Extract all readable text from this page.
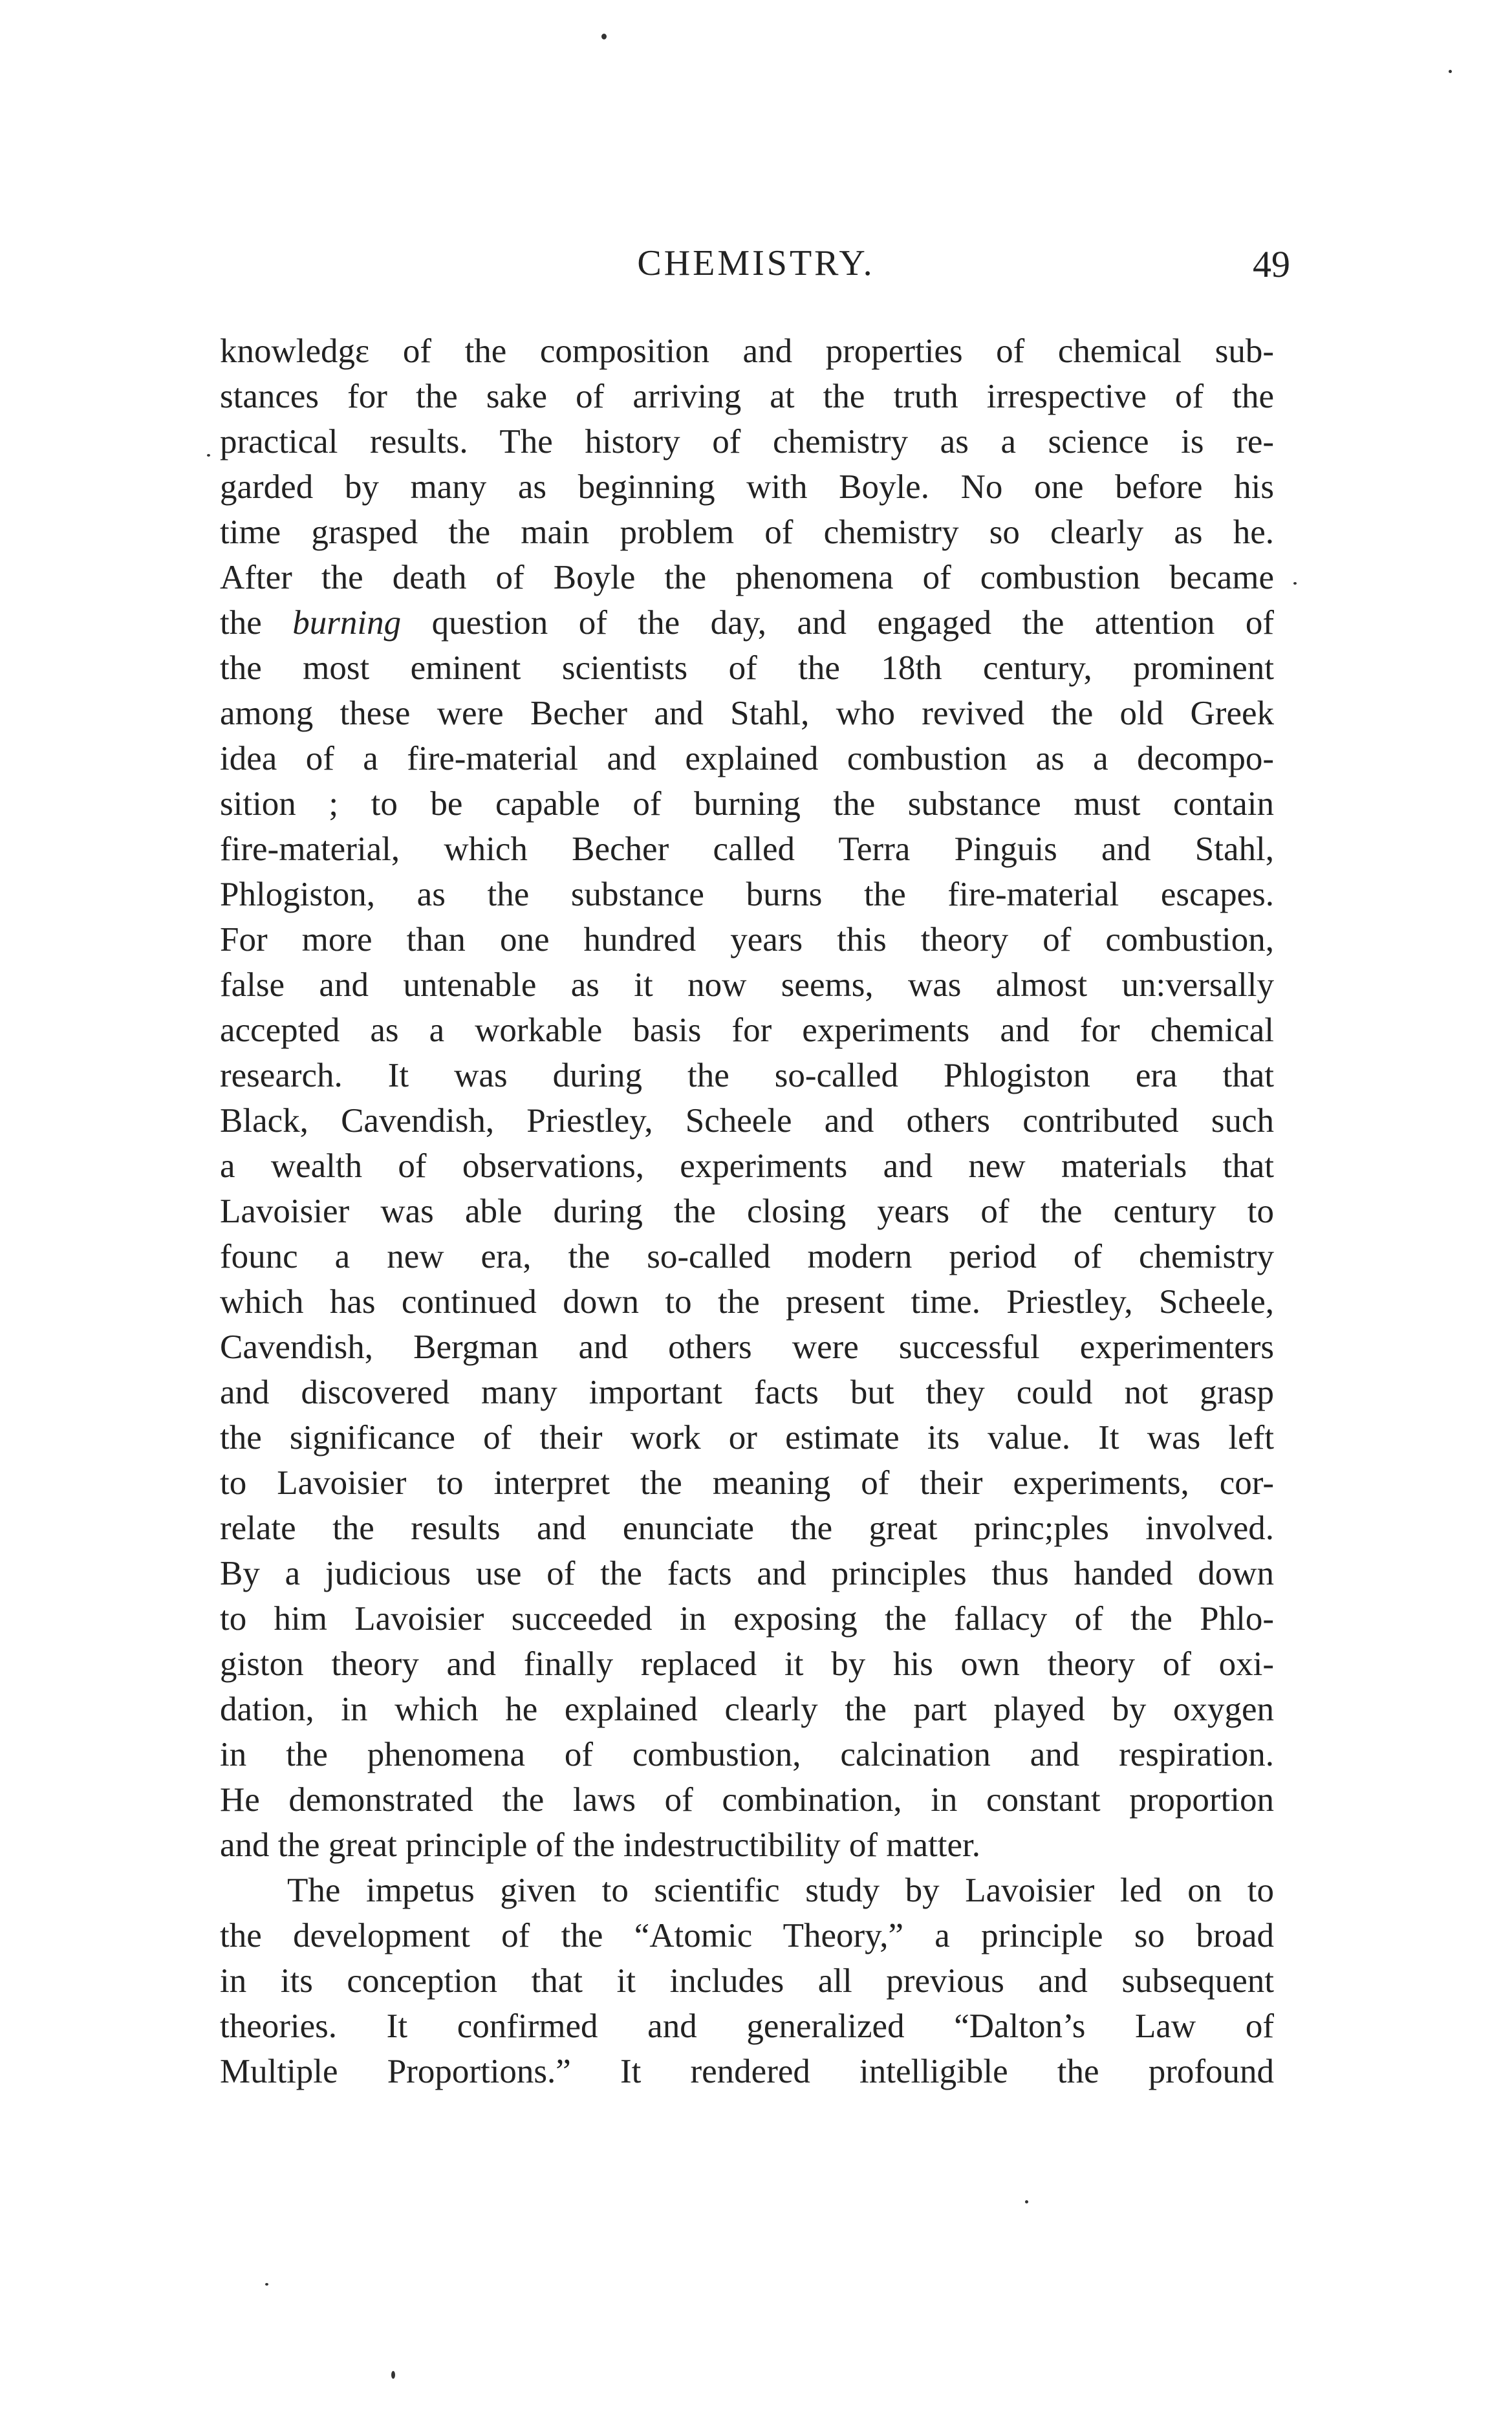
CHEMISTRY.	49
knowledgε of the composition and properties of chemical sub-
stances for the sake of arriving at the truth irrespective of the
practical results. The history of chemistry as a science is re-
garded by many as beginning with Boyle. No one before his
time grasped the main problem of chemistry so clearly as he.
After the death of Boyle the phenomena of combustion became
the burning question of the day, and engaged the attention of
the most eminent scientists of the 18th century, prominent
among these were Becher and Stahl, who revived the old Greek
idea of a fire-material and explained combustion as a decompo-
sition ; to be capable of burning the substance must contain
fire-material, which Becher called Terra Pinguis and Stahl,
Phlogiston, as the substance burns the fire-material escapes.
For more than one hundred years this theory of combustion,
false and untenable as it now seems, was almost un:versally
accepted as a workable basis for experiments and for chemical
research. It was during the so-called Phlogiston era that
Black, Cavendish, Priestley, Scheele and others contributed such
a wealth of observations, experiments and new materials that
Lavoisier was able during the closing years of the century to
founc a new era, the so-called modern period of chemistry
which has continued down to the present time. Priestley, Scheele,
Cavendish, Bergman and others were successful experimenters
and discovered many important facts but they could not grasp
the significance of their work or estimate its value. It was left
to Lavoisier to interpret the meaning of their experiments, cor-
relate the results and enunciate the great princ;ples involved.
By a judicious use of the facts and principles thus handed down
to him Lavoisier succeeded in exposing the fallacy of the Phlo-
giston theory and finally replaced it by his own theory of oxi-
dation, in which he explained clearly the part played by oxygen
in the phenomena of combustion, calcination and respiration.
He demonstrated the laws of combination, in constant proportion
and the great principle of the indestructibility of matter.
The impetus given to scientific study by Lavoisier led on to
the development of the “Atomic Theory,” a principle so broad
in its conception that it includes all previous and subsequent
theories. It confirmed and generalized “Dalton’s Law of
Multiple Proportions.” It rendered intelligible the profound
